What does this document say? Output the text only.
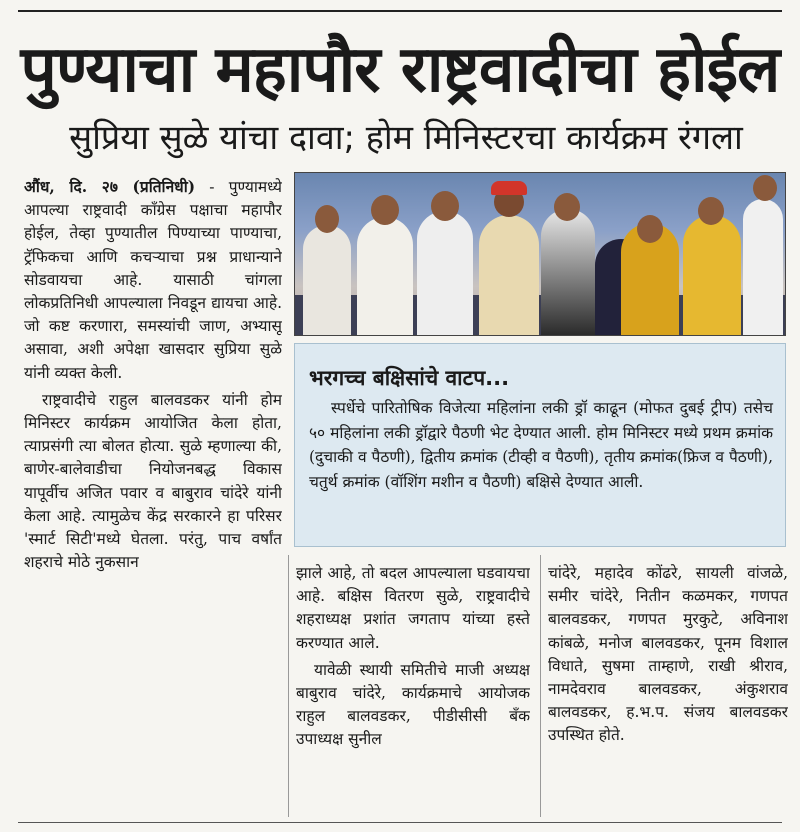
पुण्याचा महापौर राष्ट्रवादीचा होईल
सुप्रिया सुळे यांचा दावा; होम मिनिस्टरचा कार्यक्रम रंगला

औंध, दि. २७ (प्रतिनिधी) - पुण्यामध्ये आपल्या राष्ट्रवादी काँग्रेस पक्षाचा महापौर होईल, तेव्हा पुण्यातील पिण्याच्या पाण्याचा, ट्रॅफिकचा आणि कचऱ्याचा प्रश्न प्राधान्याने सोडवायचा आहे. यासाठी चांगला लोकप्रतिनिधी आपल्याला निवडून द्यायचा आहे. जो कष्ट करणारा, समस्यांची जाण, अभ्यासू असावा, अशी अपेक्षा खासदार सुप्रिया सुळे यांनी व्यक्त केली.

राष्ट्रवादीचे राहुल बालवडकर यांनी होम मिनिस्टर कार्यक्रम आयोजित केला होता, त्याप्रसंगी त्या बोलत होत्या. सुळे म्हणाल्या की, बाणेर-बालेवाडीचा नियोजनबद्ध विकास यापूर्वीच अजित पवार व बाबुराव चांदेरे यांनी केला आहे. त्यामुळेच केंद्र सरकारने हा परिसर 'स्मार्ट सिटी'मध्ये घेतला. परंतु, पाच वर्षांत शहराचे मोठे नुकसान

झाले आहे, तो बदल आपल्याला घडवायचा आहे. बक्षिस वितरण सुळे, राष्ट्रवादीचे शहराध्यक्ष प्रशांत जगताप यांच्या हस्ते करण्यात आले.

यावेळी स्थायी समितीचे माजी अध्यक्ष बाबुराव चांदेरे, कार्यक्रमाचे आयोजक राहुल बालवडकर, पीडीसीसी बँक उपाध्यक्ष सुनील

चांदेरे, महादेव कोंढरे, सायली वांजळे, समीर चांदेरे, नितीन कळमकर, गणपत बालवडकर, गणपत मुरकुटे, अविनाश कांबळे, मनोज बालवडकर, पूनम विशाल विधाते, सुषमा ताम्हाणे, राखी श्रीराव, नामदेवराव बालवडकर, अंकुशराव बालवडकर, ह.भ.प. संजय बालवडकर उपस्थित होते.

भरगच्च बक्षिसांचे वाटप...

स्पर्धेचे पारितोषिक विजेत्या महिलांना लकी ड्रॉ काढून (मोफत दुबई ट्रीप) तसेच ५० महिलांना लकी ड्रॉद्वारे पैठणी भेट देण्यात आली. होम मिनिस्टर मध्ये प्रथम क्रमांक (दुचाकी व पैठणी), द्वितीय क्रमांक (टीव्ही व पैठणी), तृतीय क्रमांक(फ्रिज व पैठणी), चतुर्थ क्रमांक (वॉशिंग मशीन व पैठणी) बक्षिसे देण्यात आली.
